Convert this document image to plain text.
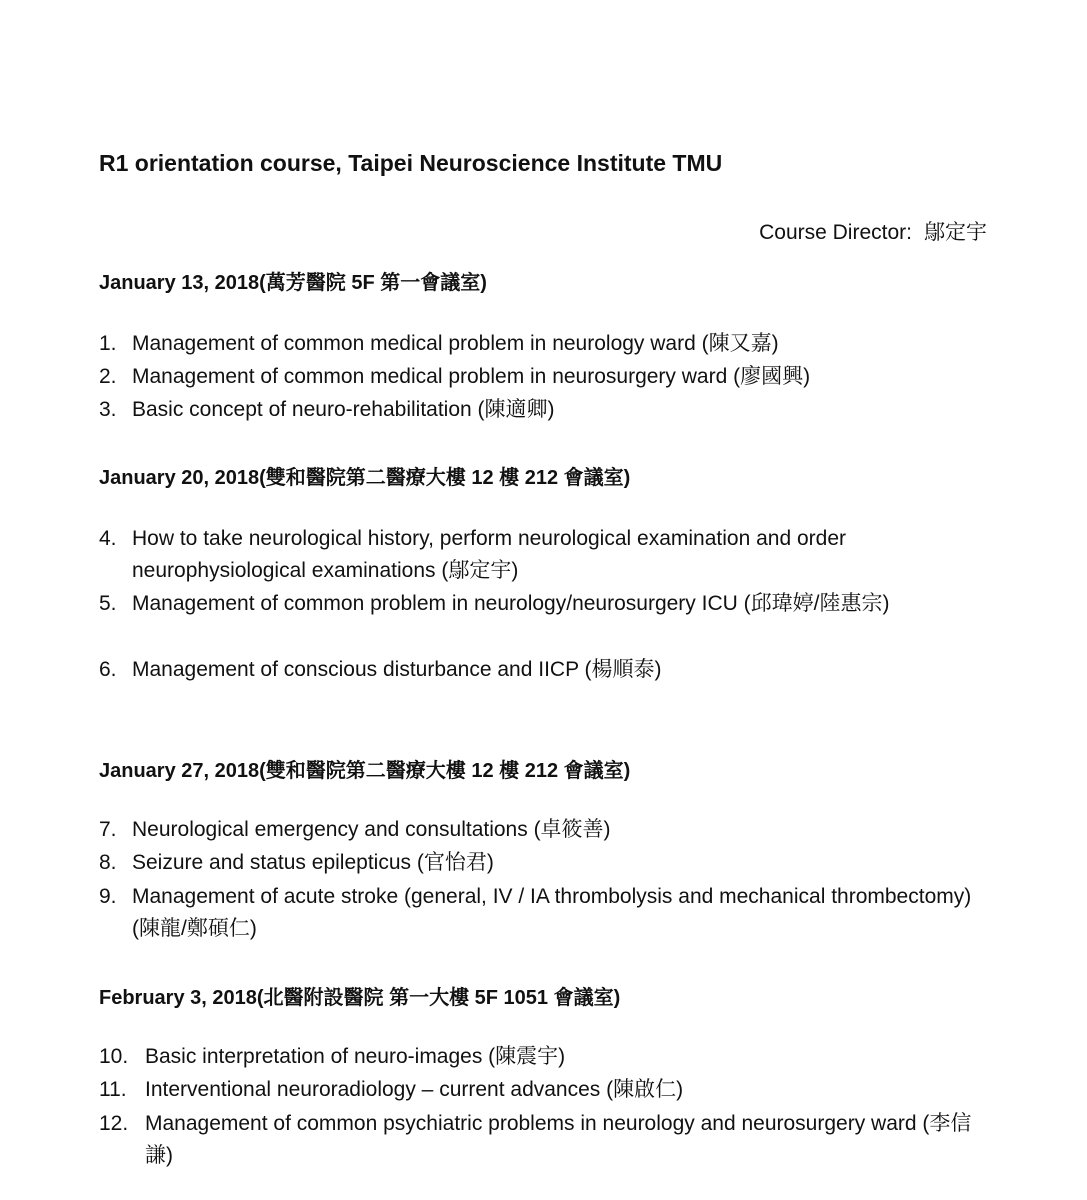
R1 orientation course, Taipei Neuroscience Institute TMU
Course Director: 鄔定宇
January 13, 2018(萬芳醫院 5F 第一會議室)
1. Management of common medical problem in neurology ward (陳又嘉)
2. Management of common medical problem in neurosurgery ward (廖國興)
3. Basic concept of neuro-rehabilitation (陳適卿)
January 20, 2018(雙和醫院第二醫療大樓 12 樓 212 會議室)
4. How to take neurological history, perform neurological examination and order neurophysiological examinations (鄔定宇)
5. Management of common problem in neurology/neurosurgery ICU (邱瑋婷/陸惠宗)
6. Management of conscious disturbance and IICP (楊順泰)
January 27, 2018(雙和醫院第二醫療大樓 12 樓 212 會議室)
7. Neurological emergency and consultations (卓筱善)
8. Seizure and status epilepticus (官怡君)
9. Management of acute stroke (general, IV / IA thrombolysis and mechanical thrombectomy) (陳龍/鄭碩仁)
February 3, 2018(北醫附設醫院 第一大樓 5F 1051 會議室)
10. Basic interpretation of neuro-images (陳震宇)
11. Interventional neuroradiology – current advances (陳啟仁)
12. Management of common psychiatric problems in neurology and neurosurgery ward (李信謙)
